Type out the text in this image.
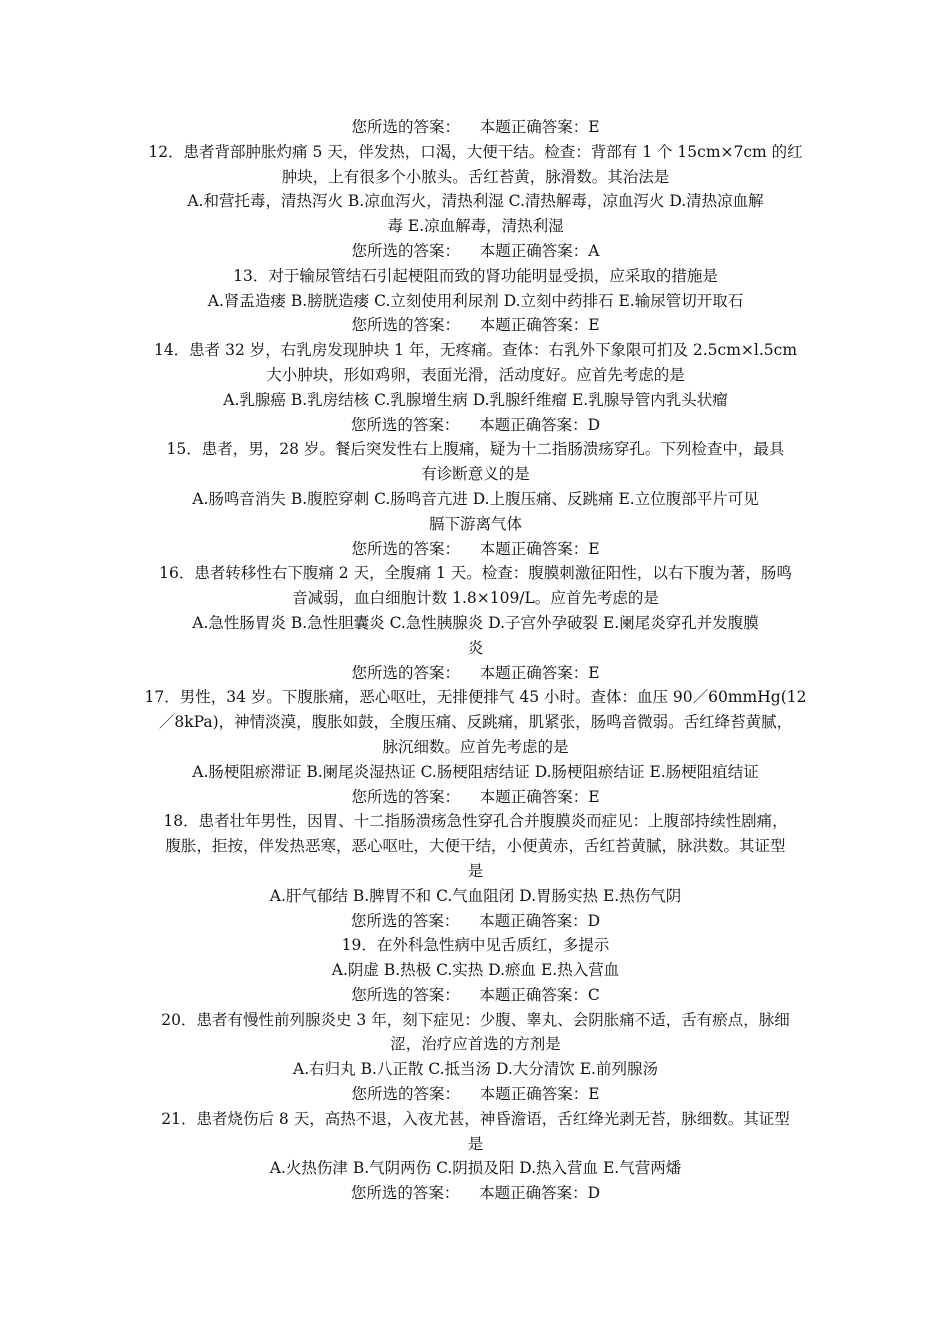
您所选的答案：    本题正确答案：E
12．患者背部肿胀灼痛 5 天，伴发热，口渴，大便干结。检查：背部有 1 个 15cm×7cm 的红
肿块，上有很多个小脓头。舌红苔黄，脉滑数。其治法是
A.和营托毒，清热泻火 B.凉血泻火，清热利湿 C.清热解毒，凉血泻火 D.清热凉血解
毒 E.凉血解毒，清热利湿
您所选的答案：    本题正确答案：A
13．对于输尿管结石引起梗阻而致的肾功能明显受损，应采取的措施是
A.肾盂造瘘 B.膀胱造瘘 C.立刻使用利尿剂 D.立刻中药排石 E.输尿管切开取石
您所选的答案：    本题正确答案：E
14．患者 32 岁，右乳房发现肿块 1 年，无疼痛。查体：右乳外下象限可扪及 2.5cm×l.5cm
大小肿块，形如鸡卵，表面光滑，活动度好。应首先考虑的是
A.乳腺癌 B.乳房结核 C.乳腺增生病 D.乳腺纤维瘤 E.乳腺导管内乳头状瘤
您所选的答案：    本题正确答案：D
15．患者，男，28 岁。餐后突发性右上腹痛，疑为十二指肠溃疡穿孔。下列检查中，最具
有诊断意义的是
A.肠鸣音消失 B.腹腔穿刺 C.肠鸣音亢进 D.上腹压痛、反跳痛 E.立位腹部平片可见
膈下游离气体
您所选的答案：    本题正确答案：E
16．患者转移性右下腹痛 2 天，全腹痛 1 天。检查：腹膜刺激征阳性，以右下腹为著，肠鸣
音减弱，血白细胞计数 1.8×109/L。应首先考虑的是
A.急性肠胃炎 B.急性胆囊炎 C.急性胰腺炎 D.子宫外孕破裂 E.阑尾炎穿孔并发腹膜
炎
您所选的答案：    本题正确答案：E
17．男性，34 岁。下腹胀痛，恶心呕吐，无排便排气 45 小时。查体：血压 90／60mmHg(12
／8kPa)，神情淡漠，腹胀如鼓，全腹压痛、反跳痛，肌紧张，肠鸣音微弱。舌红绛苔黄腻，
脉沉细数。应首先考虑的是
A.肠梗阻瘀滞证 B.阑尾炎湿热证 C.肠梗阻痞结证 D.肠梗阻瘀结证 E.肠梗阻疽结证
您所选的答案：    本题正确答案：E
18．患者壮年男性，因胃、十二指肠溃疡急性穿孔合并腹膜炎而症见：上腹部持续性剧痛，
腹胀，拒按，伴发热恶寒，恶心呕吐，大便干结，小便黄赤，舌红苔黄腻，脉洪数。其证型
是
A.肝气郁结 B.脾胃不和 C.气血阻闭 D.胃肠实热 E.热伤气阴
您所选的答案：    本题正确答案：D
19．在外科急性病中见舌质红，多提示
A.阴虚 B.热极 C.实热 D.瘀血 E.热入营血
您所选的答案：    本题正确答案：C
20．患者有慢性前列腺炎史 3 年，刻下症见：少腹、睾丸、会阴胀痛不适，舌有瘀点，脉细
涩，治疗应首选的方剂是
A.右归丸 B.八正散 C.抵当汤 D.大分清饮 E.前列腺汤
您所选的答案：    本题正确答案：E
21．患者烧伤后 8 天，高热不退，入夜尤甚，神昏澹语，舌红绛光剥无苔，脉细数。其证型
是
A.火热伤津 B.气阴两伤 C.阴损及阳 D.热入营血 E.气营两燔
您所选的答案：    本题正确答案：D
